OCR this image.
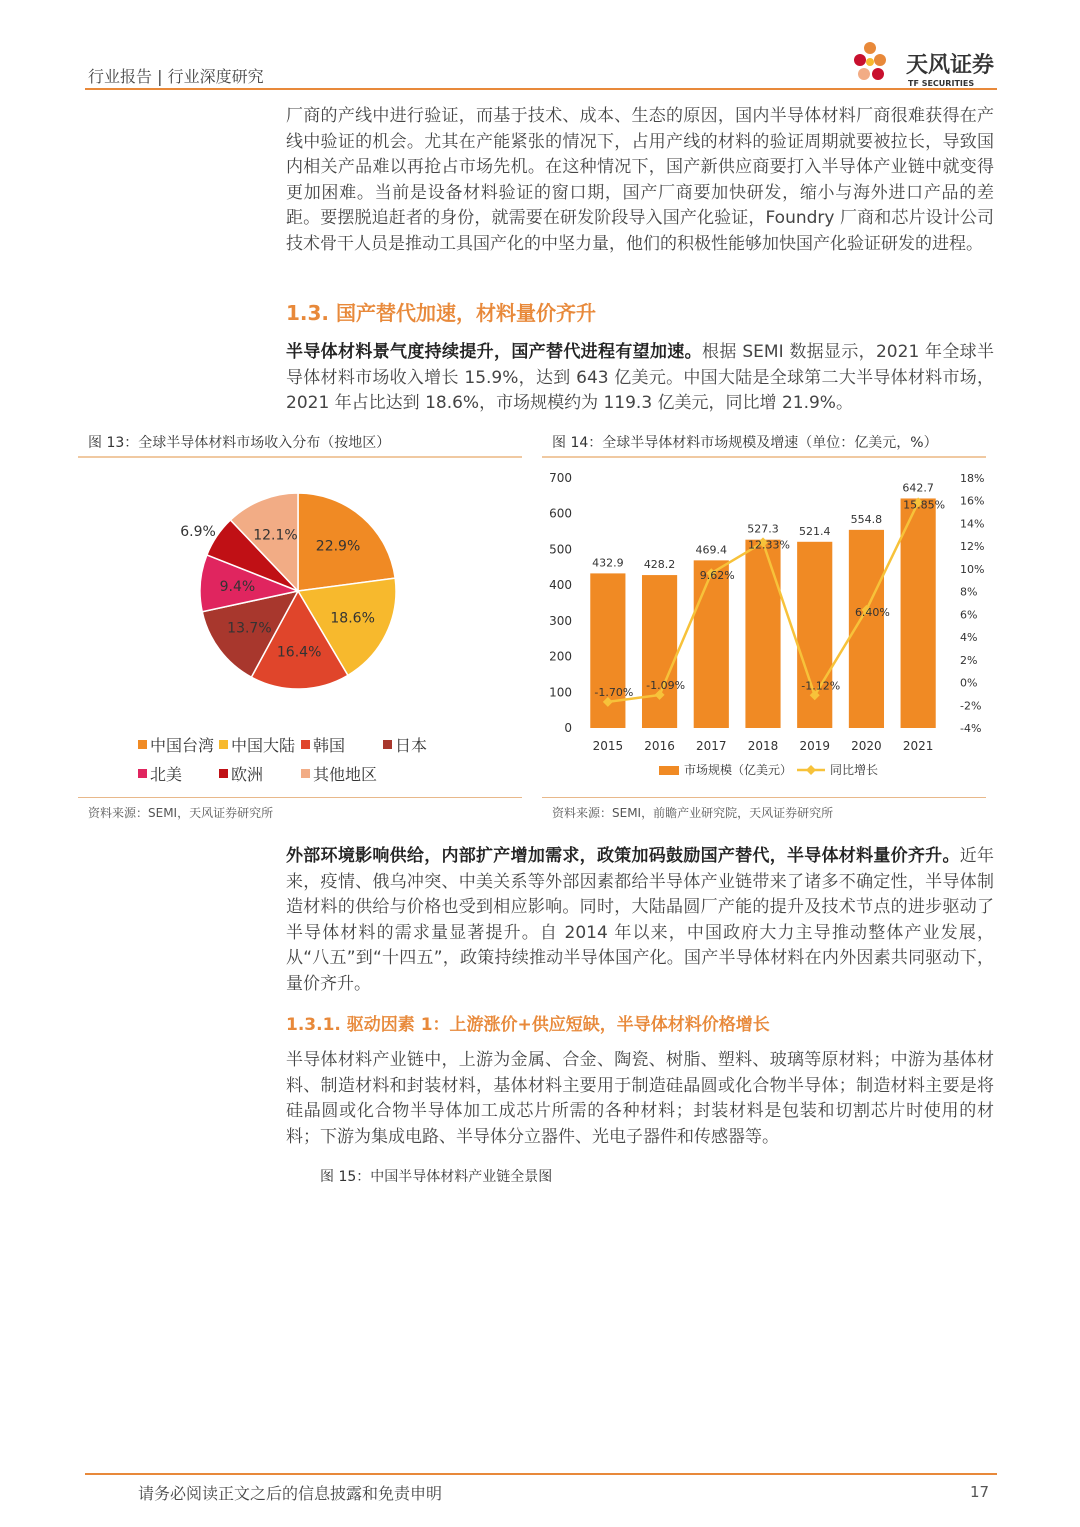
行业报告 | 行业深度研究	天风证券
TF SECURITIES

厂商的产线中进行验证，而基于技术、成本、生态的原因，国内半导体材料厂商很难获得在产线中验证的机会。尤其在产能紧张的情况下，占用产线的材料的验证周期就要被拉长，导致国内相关产品难以再抢占市场先机。在这种情况下，国产新供应商要打入半导体产业链中就变得更加困难。当前是设备材料验证的窗口期，国产厂商要加快研发，缩小与海外进口产品的差距。要摆脱追赶者的身份，就需要在研发阶段导入国产化验证，Foundry 厂商和芯片设计公司技术骨干人员是推动工具国产化的中坚力量，他们的积极性能够加快国产化验证研发的进程。

1.3. 国产替代加速，材料量价齐升

半导体材料景气度持续提升，国产替代进程有望加速。根据 SEMI 数据显示，2021 年全球半导体材料市场收入增长 15.9%，达到 643 亿美元。中国大陆是全球第二大半导体材料市场，2021 年占比达到 18.6%，市场规模约为 119.3 亿美元，同比增 21.9%。

图 13：全球半导体材料市场收入分布（按地区）
22.9%
18.6%
16.4%
13.7%
9.4%
6.9%	12.1%
中国台湾	中国大陆	韩国	日本
北美	欧洲	其他地区
资料来源：SEMI，天风证券研究所
图 14：全球半导体材料市场规模及增速（单位：亿美元，%）
0
100
200
300
400
500
600
700
-4%
-2%
0%
2%
4%
6%
8%
10%
12%
14%
16%
18%
432.9
2015
428.2
2016
469.4
2017
527.3
2018
521.4
2019
554.8
2020
642.7
2021
-1.70%
-1.09%
9.62%
12.33%
-1.12%
6.40%
15.85%
市场规模（亿美元）	同比增长
资料来源：SEMI，前瞻产业研究院，天风证券研究所

外部环境影响供给，内部扩产增加需求，政策加码鼓励国产替代，半导体材料量价齐升。近年来，疫情、俄乌冲突、中美关系等外部因素都给半导体产业链带来了诸多不确定性，半导体制造材料的供给与价格也受到相应影响。同时，大陆晶圆厂产能的提升及技术节点的进步驱动了半导体材料的需求量显著提升。自 2014 年以来，中国政府大力主导推动整体产业发展，从“八五”到“十四五”，政策持续推动半导体国产化。国产半导体材料在内外因素共同驱动下，量价齐升。

1.3.1. 驱动因素 1：上游涨价+供应短缺，半导体材料价格增长

半导体材料产业链中，上游为金属、合金、陶瓷、树脂、塑料、玻璃等原材料；中游为基体材料、制造材料和封装材料，基体材料主要用于制造硅晶圆或化合物半导体；制造材料主要是将硅晶圆或化合物半导体加工成芯片所需的各种材料；封装材料是包装和切割芯片时使用的材料；下游为集成电路、半导体分立器件、光电子器件和传感器等。

图 15：中国半导体材料产业链全景图
请务必阅读正文之后的信息披露和免责申明	17
